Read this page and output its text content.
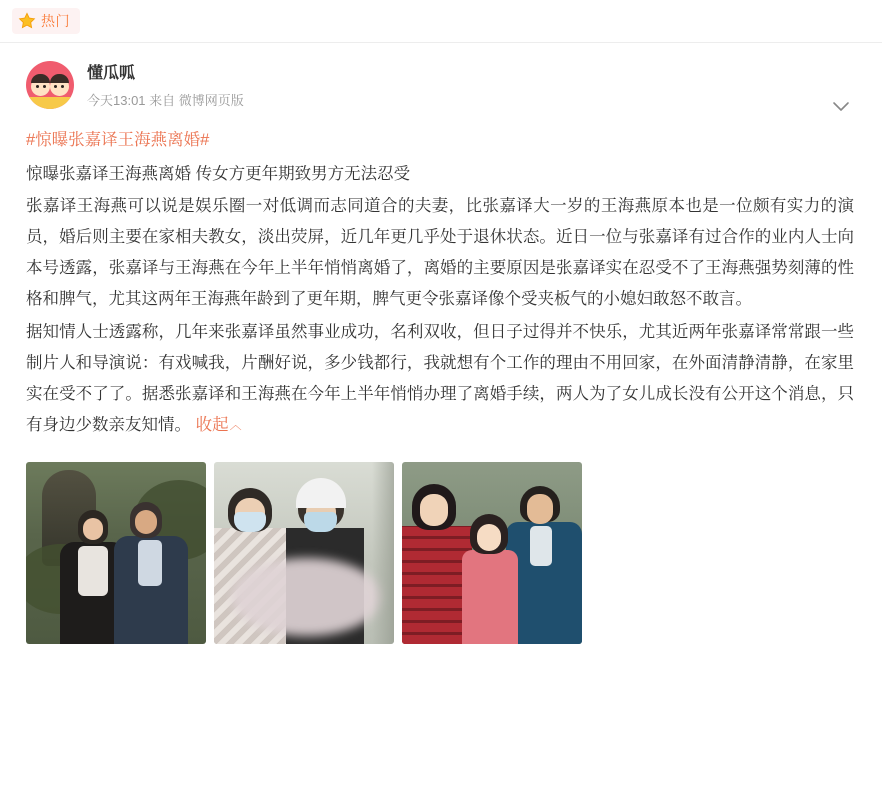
热门
懂瓜呱
今天13:01 来自 微博网页版
#惊曝张嘉译王海燕离婚#
惊曝张嘉译王海燕离婚 传女方更年期致男方无法忍受
张嘉译王海燕可以说是娱乐圈一对低调而志同道合的夫妻，比张嘉译大一岁的王海燕原本也是一位颇有实力的演员，婚后则主要在家相夫教女，淡出荧屏，近几年更几乎处于退休状态。近日一位与张嘉译有过合作的业内人士向本号透露，张嘉译与王海燕在今年上半年悄悄离婚了，离婚的主要原因是张嘉译实在忍受不了王海燕强势刻薄的性格和脾气，尤其这两年王海燕年龄到了更年期，脾气更令张嘉译像个受夹板气的小媳妇敢怒不敢言。
据知情人士透露称，几年来张嘉译虽然事业成功，名利双收，但日子过得并不快乐，尤其近两年张嘉译常常跟一些制片人和导演说：有戏喊我，片酬好说，多少钱都行，我就想有个工作的理由不用回家，在外面清静清静，在家里实在受不了了。据悉张嘉译和王海燕在今年上半年悄悄办理了离婚手续，两人为了女儿成长没有公开这个消息，只有身边少数亲友知情。 收起︿
